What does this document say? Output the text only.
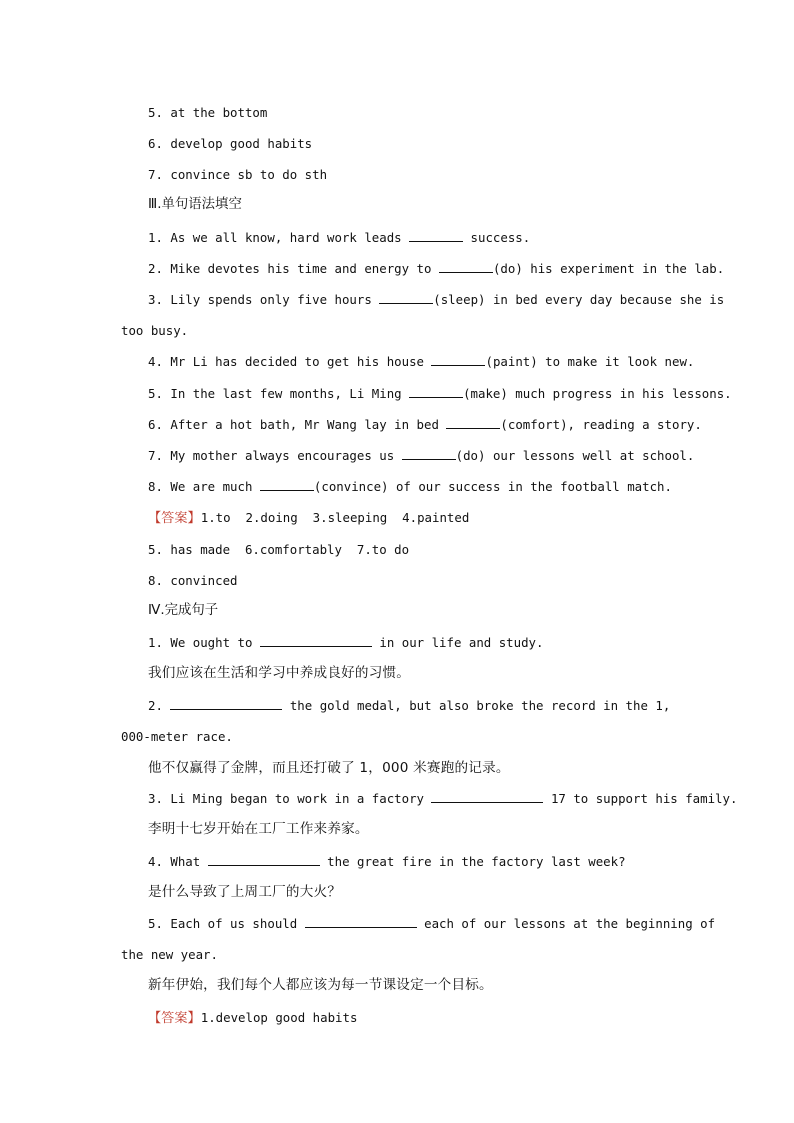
5. at the bottom
6. develop good habits
7. convince sb to do sth
Ⅲ.单句语法填空
1. As we all know, hard work leads	success.
2. Mike devotes his time and energy to	(do) his experiment in the lab.
3. Lily spends only five hours	(sleep) in bed every day because she is
too busy.
4. Mr Li has decided to get his house	(paint) to make it look new.
5. In the last few months, Li Ming	(make) much progress in his lessons.
6. After a hot bath, Mr Wang lay in bed	(comfort), reading a story.
7. My mother always encourages us	(do) our lessons well at school.
8. We are much	(convince) of our success in the football match.
【答案】1.to  2.doing  3.sleeping  4.painted
5. has made  6.comfortably  7.to do
8. convinced
Ⅳ.完成句子
1. We ought to	in our life and study.
我们应该在生活和学习中养成良好的习惯。
2.	the gold medal, but also broke the record in the 1,
000-meter race.
他不仅赢得了金牌，而且还打破了 1，000 米赛跑的记录。
3. Li Ming began to work in a factory	17 to support his family.
李明十七岁开始在工厂工作来养家。
4. What	the great fire in the factory last week?
是什么导致了上周工厂的大火？
5. Each of us should	each of our lessons at the beginning of
the new year.
新年伊始，我们每个人都应该为每一节课设定一个目标。
【答案】1.develop good habits
